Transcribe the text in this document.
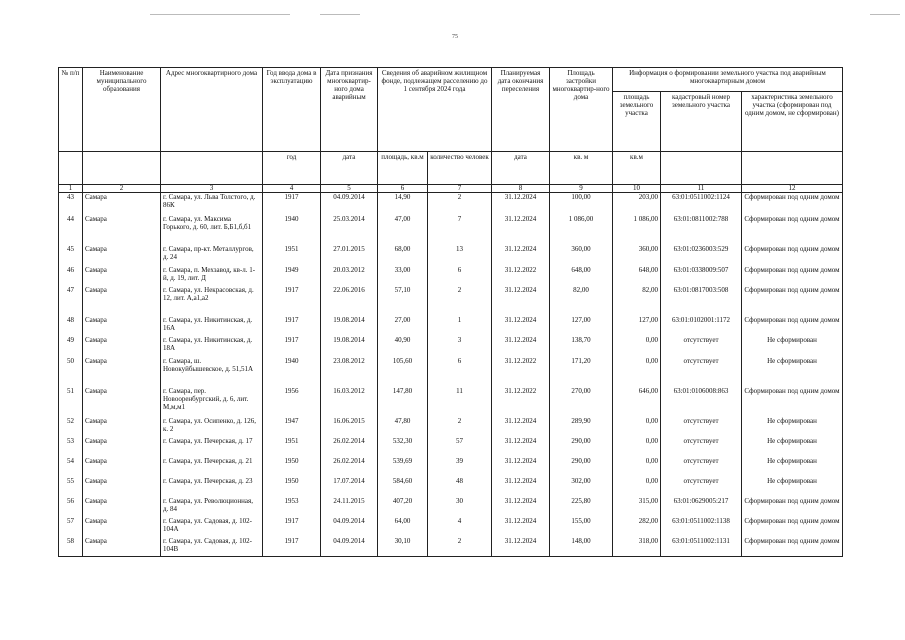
75
№ п/п	Наименование муниципального образования	Адрес многоквартирного дома	Год ввода дома в эксплуатацию	Дата признания многоквартир-ного дома аварийным	Сведения об аварийном жилищном фонде, подлежащем расселению до 1 сентября 2024 года		Планируемая дата окончания переселения	Площадь застройки многоквартир-ного дома	Информация о формировании земельного участка под аварийным многоквартирным домом		
									площадь земельного участка	кадастровый номер земельного участка	характеристика земельного участка (сформирован под одним домом, не сформирован)
			год	дата	площадь, кв.м	количество человек	дата	кв. м	кв.м		
1	2	3	4	5	6	7	8	9	10	11	12
43	Самара	г. Самара, ул. Льва Толстого, д. 86К	1917	04.09.2014	14,90	2	31.12.2024	100,00	203,00	63:01:0511002:1124	Сформирован под одним домом
44	Самара	г. Самара, ул. Максима Горького, д. 60, лит. Б,Б1,б,б1	1940	25.03.2014	47,00	7	31.12.2024	1 086,00	1 086,00	63:01:0811002:788	Сформирован под одним домом
45	Самара	г. Самара, пр-кт. Металлургов, д. 24	1951	27.01.2015	68,00	13	31.12.2024	360,00	360,00	63:01:0236003:529	Сформирован под одним домом
46	Самара	г. Самара, п. Мехзавод, кв-л. 1-й, д. 19, лит. Д	1949	20.03.2012	33,00	6	31.12.2022	648,00	648,00	63:01:0338009:507	Сформирован под одним домом
47	Самара	г. Самара, ул. Некрасовская, д. 12, лит. А,а1,а2	1917	22.06.2016	57,10	2	31.12.2024	82,00	82,00	63:01:0817003:508	Сформирован под одним домом
48	Самара	г. Самара, ул. Никитинская, д. 16А	1917	19.08.2014	27,00	1	31.12.2024	127,00	127,00	63:01:0102001:1172	Сформирован под одним домом
49	Самара	г. Самара, ул. Никитинская, д. 18А	1917	19.08.2014	40,90	3	31.12.2024	138,70	0,00	отсутствует	Не сформирован
50	Самара	г. Самара, ш. Новокуйбышевское, д. 51,51А	1940	23.08.2012	105,60	6	31.12.2022	171,20	0,00	отсутствует	Не сформирован
51	Самара	г. Самара, пер. Новооренбургский, д. 6, лит. М,м,м1	1956	16.03.2012	147,80	11	31.12.2022	270,00	646,00	63:01:0106008:863	Сформирован под одним домом
52	Самара	г. Самара, ул. Осипенко, д. 126, к. 2	1947	16.06.2015	47,80	2	31.12.2024	289,90	0,00	отсутствует	Не сформирован
53	Самара	г. Самара, ул. Печерская, д. 17	1951	26.02.2014	532,30	57	31.12.2024	290,00	0,00	отсутствует	Не сформирован
54	Самара	г. Самара, ул. Печерская, д. 21	1950	26.02.2014	539,69	39	31.12.2024	290,00	0,00	отсутствует	Не сформирован
55	Самара	г. Самара, ул. Печерская, д. 23	1950	17.07.2014	584,60	48	31.12.2024	302,00	0,00	отсутствует	Не сформирован
56	Самара	г. Самара, ул. Революционная, д. 84	1953	24.11.2015	407,20	30	31.12.2024	225,80	315,00	63:01:0629005:217	Сформирован под одним домом
57	Самара	г. Самара, ул. Садовая, д. 102-104А	1917	04.09.2014	64,00	4	31.12.2024	155,00	282,00	63:01:0511002:1138	Сформирован под одним домом
58	Самара	г. Самара, ул. Садовая, д. 102-104В	1917	04.09.2014	30,10	2	31.12.2024	148,00	318,00	63:01:0511002:1131	Сформирован под одним домом
